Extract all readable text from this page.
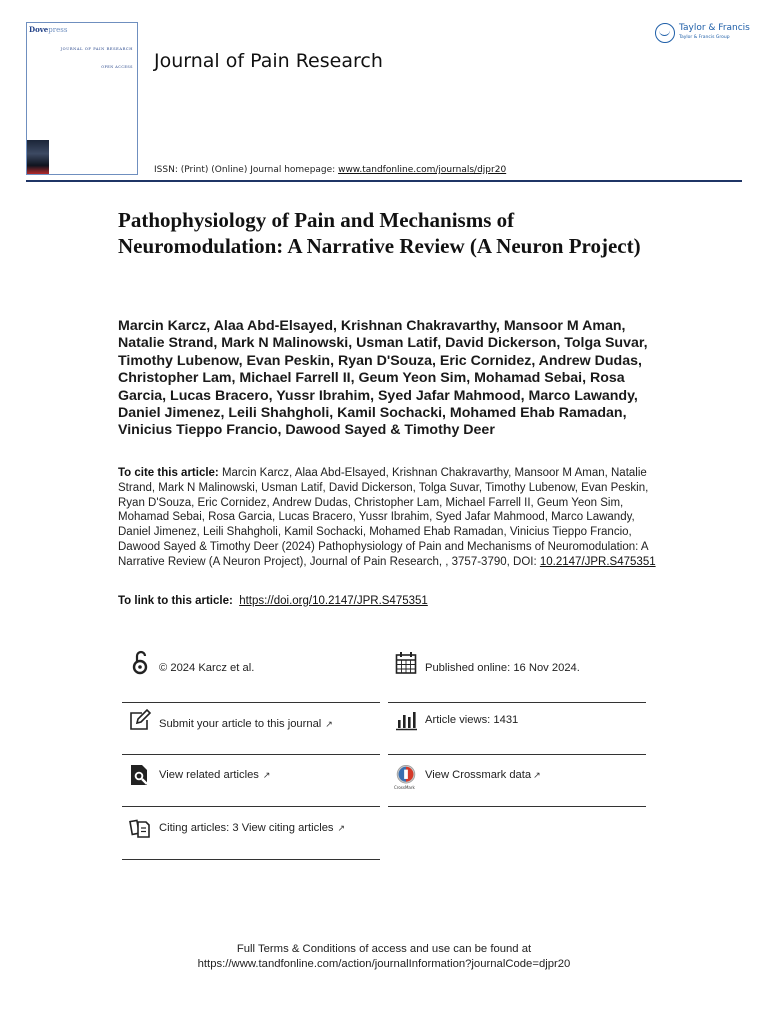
Dovepress
JOURNAL OF PAIN RESEARCH
OPEN ACCESS Journal of Pain Research
ISSN: (Print) (Online) Journal homepage: www.tandfonline.com/journals/djpr20
Taylor & Francis
Taylor & Francis Group
Pathophysiology of Pain and Mechanisms of Neuromodulation: A Narrative Review (A Neuron Project)
Marcin Karcz, Alaa Abd-Elsayed, Krishnan Chakravarthy, Mansoor M Aman, Natalie Strand, Mark N Malinowski, Usman Latif, David Dickerson, Tolga Suvar, Timothy Lubenow, Evan Peskin, Ryan D'Souza, Eric Cornidez, Andrew Dudas, Christopher Lam, Michael Farrell II, Geum Yeon Sim, Mohamad Sebai, Rosa Garcia, Lucas Bracero, Yussr Ibrahim, Syed Jafar Mahmood, Marco Lawandy, Daniel Jimenez, Leili Shahgholi, Kamil Sochacki, Mohamed Ehab Ramadan, Vinicius Tieppo Francio, Dawood Sayed & Timothy Deer
To cite this article: Marcin Karcz, Alaa Abd-Elsayed, Krishnan Chakravarthy, Mansoor M Aman, Natalie Strand, Mark N Malinowski, Usman Latif, David Dickerson, Tolga Suvar, Timothy Lubenow, Evan Peskin, Ryan D'Souza, Eric Cornidez, Andrew Dudas, Christopher Lam, Michael Farrell II, Geum Yeon Sim, Mohamad Sebai, Rosa Garcia, Lucas Bracero, Yussr Ibrahim, Syed Jafar Mahmood, Marco Lawandy, Daniel Jimenez, Leili Shahgholi, Kamil Sochacki, Mohamed Ehab Ramadan, Vinicius Tieppo Francio, Dawood Sayed & Timothy Deer (2024) Pathophysiology of Pain and Mechanisms of Neuromodulation: A Narrative Review (A Neuron Project), Journal of Pain Research, , 3757-3790, DOI: 10.2147/JPR.S475351
To link to this article: https://doi.org/10.2147/JPR.S475351
© 2024 Karcz et al.	Published online: 16 Nov 2024.
Submit your article to this journal ↗	Article views: 1431
View related articles ↗
CrossMark
View Crossmark data ↗
Citing articles: 3 View citing articles ↗
Full Terms & Conditions of access and use can be found at
https://www.tandfonline.com/action/journalInformation?journalCode=djpr20
